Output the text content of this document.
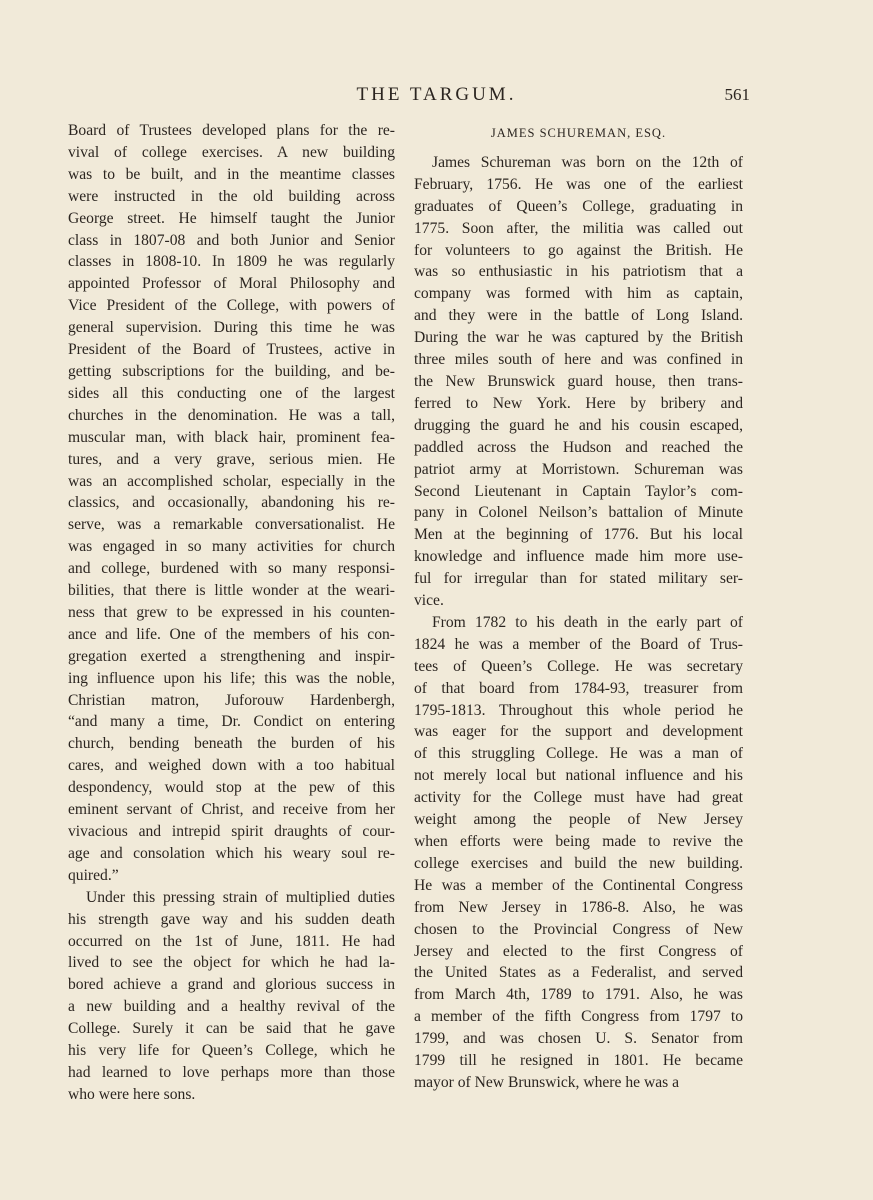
THE TARGUM.	561
Board of Trustees developed plans for the re-
vival of college exercises. A new building
was to be built, and in the meantime classes
were instructed in the old building across
George street. He himself taught the Junior
class in 1807-08 and both Junior and Senior
classes in 1808-10. In 1809 he was regularly
appointed Professor of Moral Philosophy and
Vice President of the College, with powers of
general supervision. During this time he was
President of the Board of Trustees, active in
getting subscriptions for the building, and be-
sides all this conducting one of the largest
churches in the denomination. He was a tall,
muscular man, with black hair, prominent fea-
tures, and a very grave, serious mien. He
was an accomplished scholar, especially in the
classics, and occasionally, abandoning his re-
serve, was a remarkable conversationalist. He
was engaged in so many activities for church
and college, burdened with so many responsi-
bilities, that there is little wonder at the weari-
ness that grew to be expressed in his counten-
ance and life. One of the members of his con-
gregation exerted a strengthening and inspir-
ing influence upon his life; this was the noble,
Christian matron, Juforouw Hardenbergh,
“and many a time, Dr. Condict on entering
church, bending beneath the burden of his
cares, and weighed down with a too habitual
despondency, would stop at the pew of this
eminent servant of Christ, and receive from her
vivacious and intrepid spirit draughts of cour-
age and consolation which his weary soul re-
quired.”
Under this pressing strain of multiplied duties
his strength gave way and his sudden death
occurred on the 1st of June, 1811. He had
lived to see the object for which he had la-
bored achieve a grand and glorious success in
a new building and a healthy revival of the
College. Surely it can be said that he gave
his very life for Queen’s College, which he
had learned to love perhaps more than those
who were here sons.
JAMES SCHUREMAN, ESQ.
James Schureman was born on the 12th of
February, 1756. He was one of the earliest
graduates of Queen’s College, graduating in
1775. Soon after, the militia was called out
for volunteers to go against the British. He
was so enthusiastic in his patriotism that a
company was formed with him as captain,
and they were in the battle of Long Island.
During the war he was captured by the British
three miles south of here and was confined in
the New Brunswick guard house, then trans-
ferred to New York. Here by bribery and
drugging the guard he and his cousin escaped,
paddled across the Hudson and reached the
patriot army at Morristown. Schureman was
Second Lieutenant in Captain Taylor’s com-
pany in Colonel Neilson’s battalion of Minute
Men at the beginning of 1776. But his local
knowledge and influence made him more use-
ful for irregular than for stated military ser-
vice.
From 1782 to his death in the early part of
1824 he was a member of the Board of Trus-
tees of Queen’s College. He was secretary
of that board from 1784-93, treasurer from
1795-1813. Throughout this whole period he
was eager for the support and development
of this struggling College. He was a man of
not merely local but national influence and his
activity for the College must have had great
weight among the people of New Jersey
when efforts were being made to revive the
college exercises and build the new building.
He was a member of the Continental Congress
from New Jersey in 1786-8. Also, he was
chosen to the Provincial Congress of New
Jersey and elected to the first Congress of
the United States as a Federalist, and served
from March 4th, 1789 to 1791. Also, he was
a member of the fifth Congress from 1797 to
1799, and was chosen U. S. Senator from
1799 till he resigned in 1801. He became
mayor of New Brunswick, where he was a
